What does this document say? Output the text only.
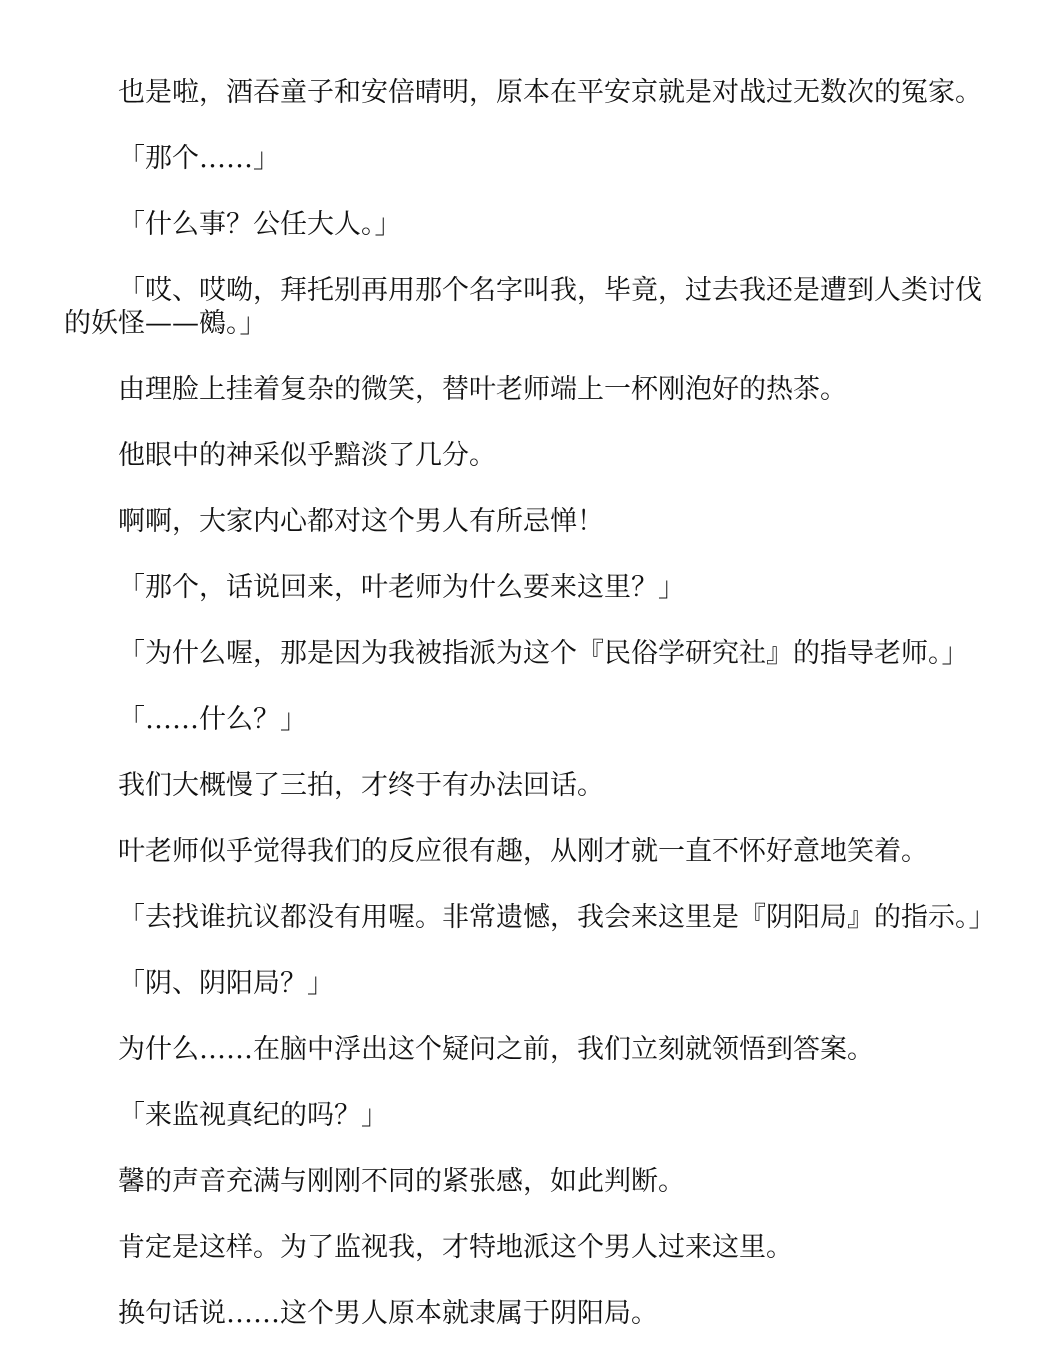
也是啦，酒吞童子和安倍晴明，原本在平安京就是对战过无数次的冤家。

「那个……」

「什么事？公任大人。」

「哎、哎呦，拜托别再用那个名字叫我，毕竟，过去我还是遭到人类讨伐的妖怪——鵺。」

由理脸上挂着复杂的微笑，替叶老师端上一杯刚泡好的热茶。

他眼中的神采似乎黯淡了几分。

啊啊，大家内心都对这个男人有所忌惮！

「那个，话说回来，叶老师为什么要来这里？」

「为什么喔，那是因为我被指派为这个『民俗学研究社』的指导老师。」

「……什么？」

我们大概慢了三拍，才终于有办法回话。

叶老师似乎觉得我们的反应很有趣，从刚才就一直不怀好意地笑着。

「去找谁抗议都没有用喔。非常遗憾，我会来这里是『阴阳局』的指示。」

「阴、阴阳局？」

为什么……在脑中浮出这个疑问之前，我们立刻就领悟到答案。

「来监视真纪的吗？」

馨的声音充满与刚刚不同的紧张感，如此判断。

肯定是这样。为了监视我，才特地派这个男人过来这里。

换句话说……这个男人原本就隶属于阴阳局。
